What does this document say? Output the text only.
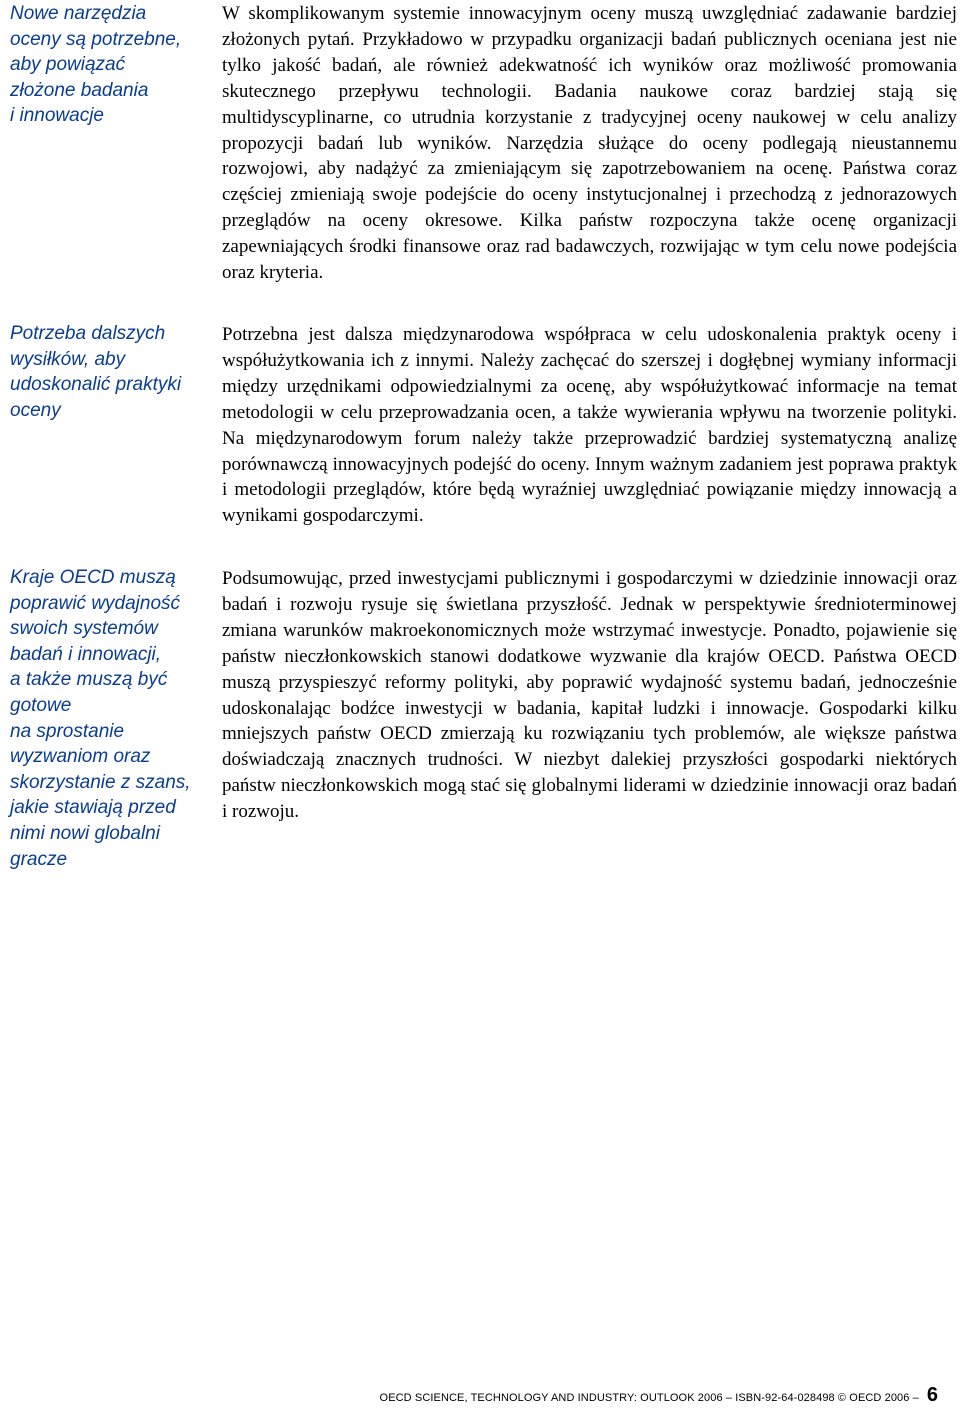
Nowe narzędzia
oceny są potrzebne,
aby powiązać
złożone badania
i innowacje
Potrzeba dalszych
wysiłków, aby
udoskonalić praktyki
oceny
Kraje OECD muszą
poprawić wydajność
swoich systemów
badań i innowacji,
a także muszą być
gotowe
na sprostanie
wyzwaniom oraz
skorzystanie z szans,
jakie stawiają przed
nimi nowi globalni
gracze

W skomplikowanym systemie innowacyjnym oceny muszą uwzględniać zadawanie bardziej złożonych pytań. Przykładowo w przypadku organizacji badań publicznych oceniana jest nie tylko jakość badań, ale również adekwatność ich wyników oraz możliwość promowania skutecznego przepływu technologii. Badania naukowe coraz bardziej stają się multidyscyplinarne, co utrudnia korzystanie z tradycyjnej oceny naukowej w celu analizy propozycji badań lub wyników. Narzędzia służące do oceny podlegają nieustannemu rozwojowi, aby nadążyć za zmieniającym się zapotrzebowaniem na ocenę. Państwa coraz częściej zmieniają swoje podejście do oceny instytucjonalnej i przechodzą z jednorazowych przeglądów na oceny okresowe. Kilka państw rozpoczyna także ocenę organizacji zapewniających środki finansowe oraz rad badawczych, rozwijając w tym celu nowe podejścia oraz kryteria.

Potrzebna jest dalsza międzynarodowa współpraca w celu udoskonalenia praktyk oceny i współużytkowania ich z innymi. Należy zachęcać do szerszej i dogłębnej wymiany informacji między urzędnikami odpowiedzialnymi za ocenę, aby współużytkować informacje na temat metodologii w celu przeprowadzania ocen, a także wywierania wpływu na tworzenie polityki. Na międzynarodowym forum należy także przeprowadzić bardziej systematyczną analizę porównawczą innowacyjnych podejść do oceny. Innym ważnym zadaniem jest poprawa praktyk i metodologii przeglądów, które będą wyraźniej uwzględniać powiązanie między innowacją a wynikami gospodarczymi.

Podsumowując, przed inwestycjami publicznymi i gospodarczymi w dziedzinie innowacji oraz badań i rozwoju rysuje się świetlana przyszłość. Jednak w perspektywie średnioterminowej zmiana warunków makroekonomicznych może wstrzymać inwestycje. Ponadto, pojawienie się państw nieczłonkowskich stanowi dodatkowe wyzwanie dla krajów OECD. Państwa OECD muszą przyspieszyć reformy polityki, aby poprawić wydajność systemu badań, jednocześnie udoskonalając bodźce inwestycji w badania, kapitał ludzki i innowacje. Gospodarki kilku mniejszych państw OECD zmierzają ku rozwiązaniu tych problemów, ale większe państwa doświadczają znacznych trudności. W niezbyt dalekiej przyszłości gospodarki niektórych państw nieczłonkowskich mogą stać się globalnymi liderami w dziedzinie innowacji oraz badań i rozwoju.

OECD SCIENCE, TECHNOLOGY AND INDUSTRY: OUTLOOK 2006 – ISBN-92-64-028498
© OECD 2006 – 6
